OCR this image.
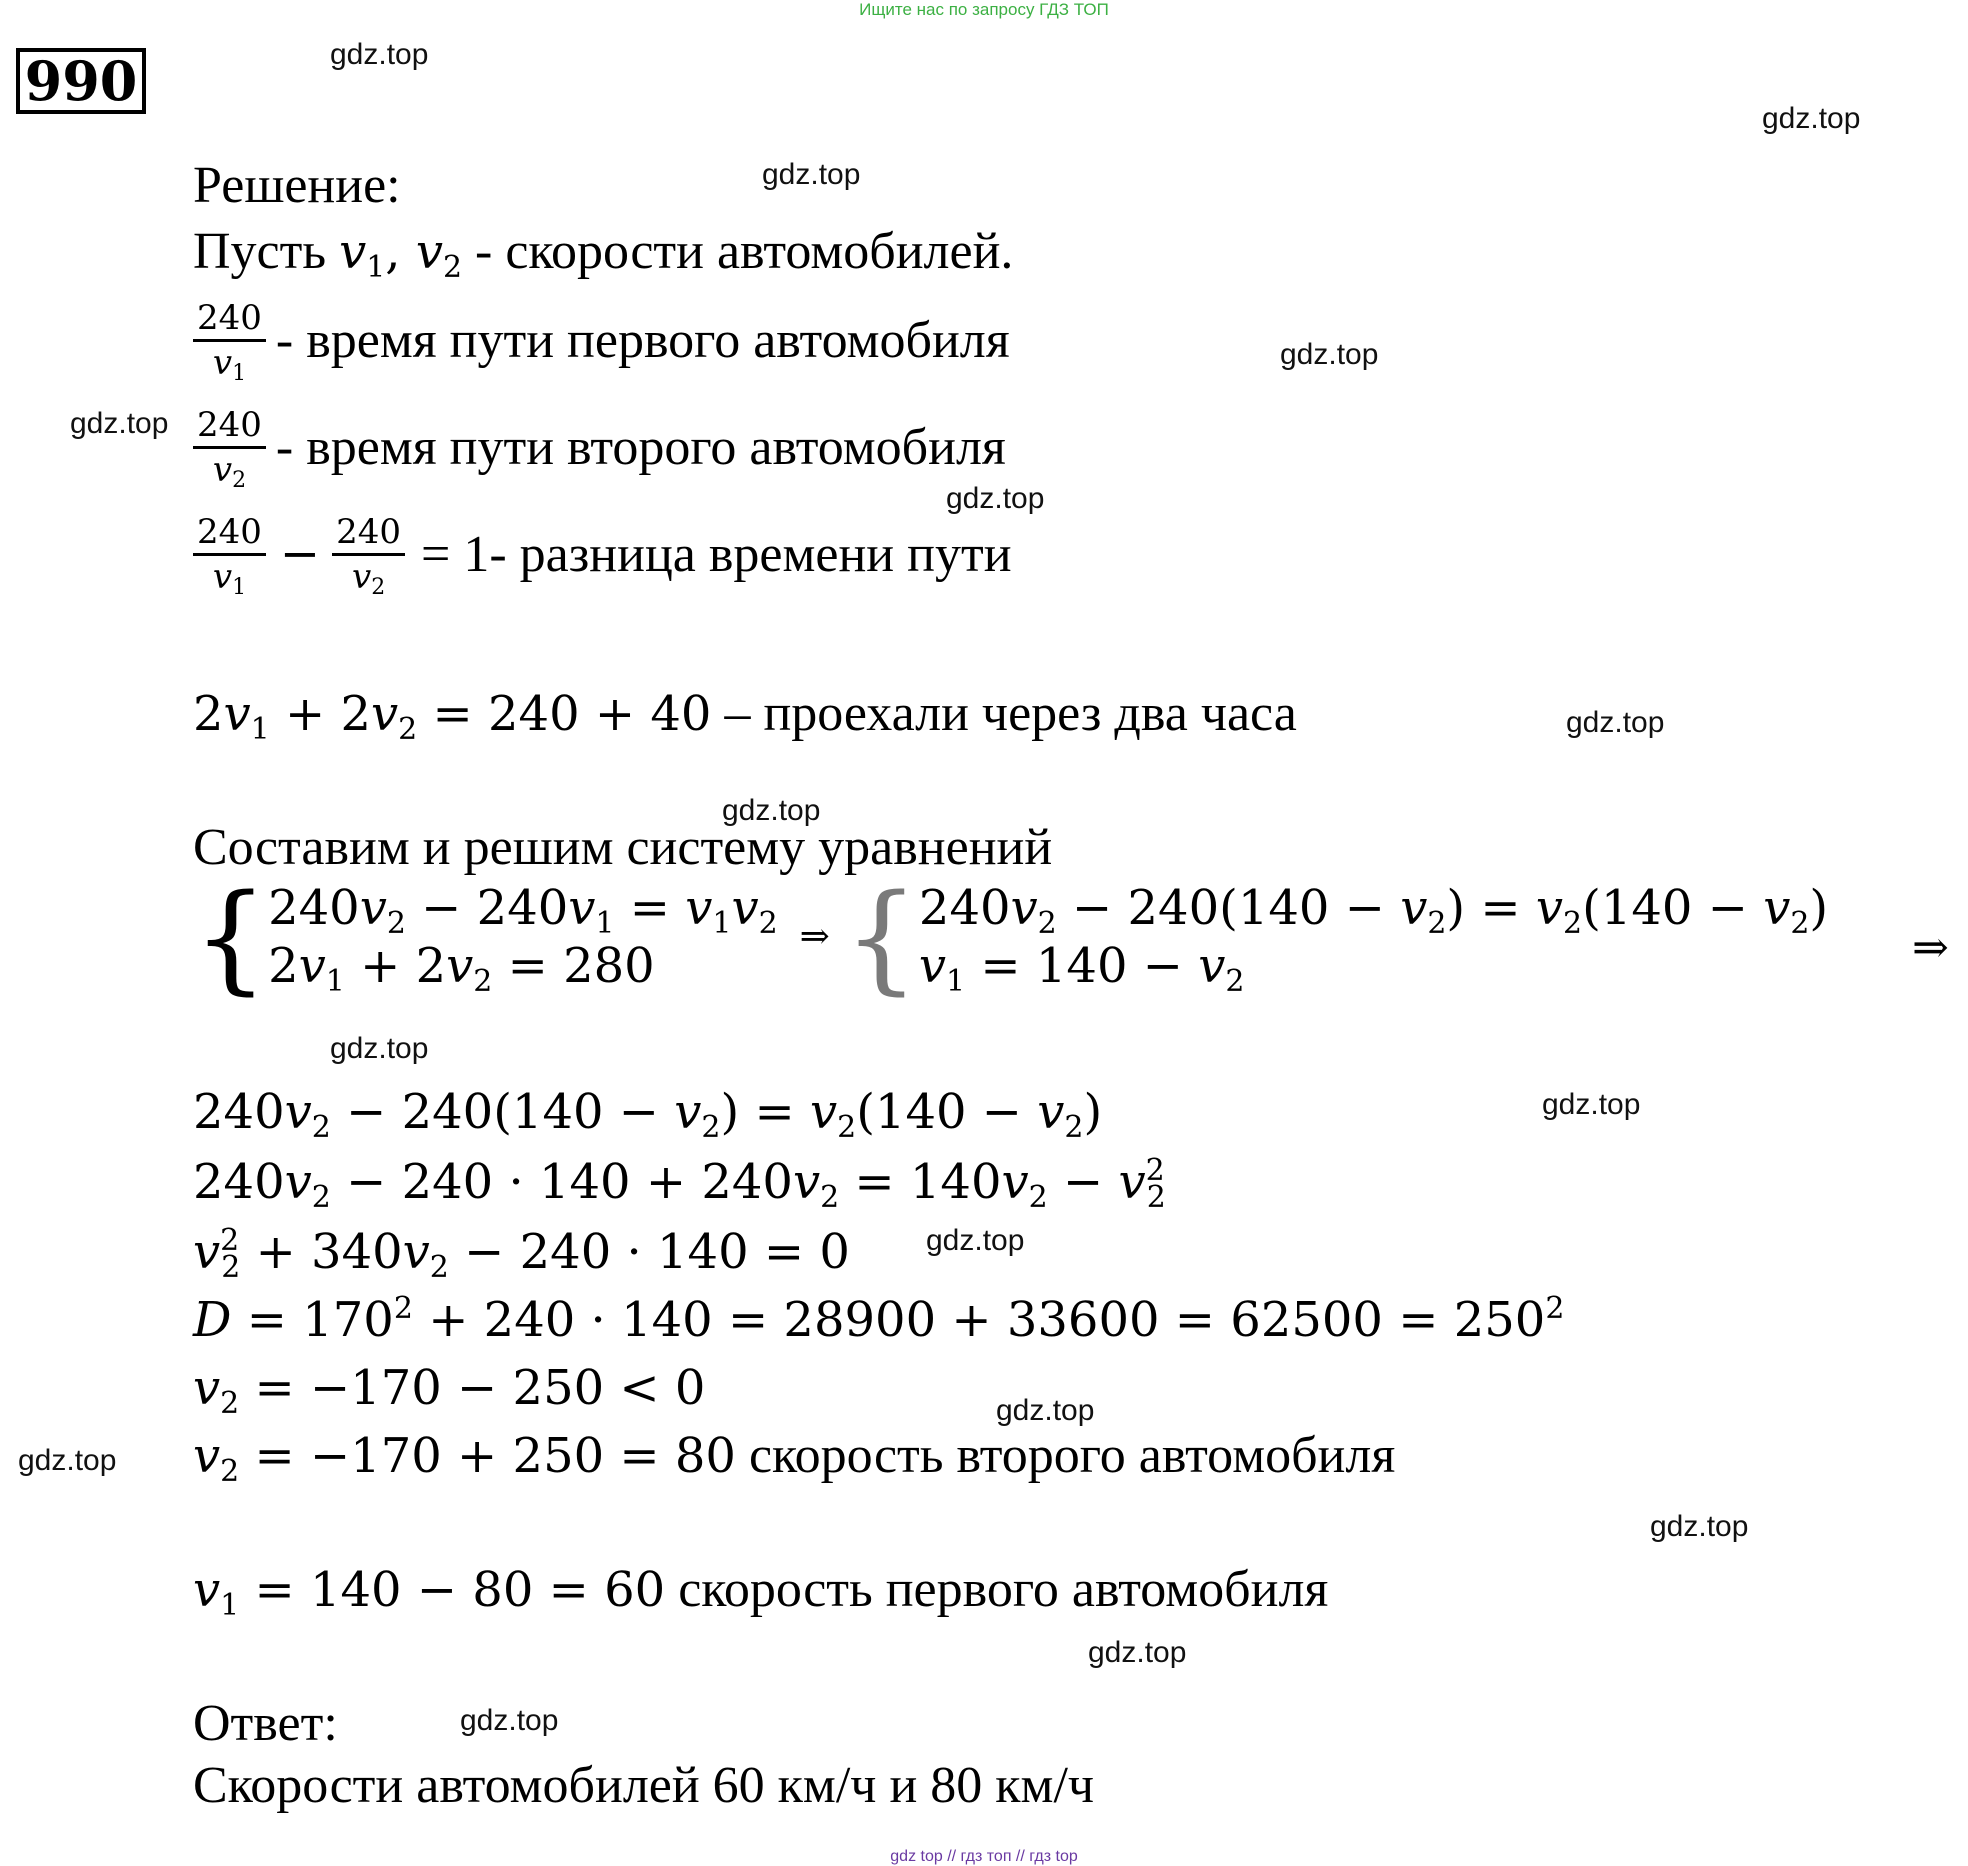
Ищите нас по запросу ГДЗ ТОП
990	gdz.top
gdz.top
gdz.top
gdz.top
gdz.top
gdz.top
gdz.top
gdz.top
gdz.top
gdz.top
gdz.top
gdz.top
gdz.top
gdz.top
gdz.top
gdz.top
Решение:
Пусть $v_1$, $v_2$ - скорости автомобилей.
$\frac{240}{v_1}$ - время пути первого автомобиля
$\frac{240}{v_2}$ - время пути второго автомобиля
$\frac{240}{v_1} - \frac{240}{v_2} = 1-$ разница времени пути
$2v_1 + 2v_2 = 240 + 40$ – проехали через два часа
Составим и решим систему уравнений
{ $240v_2 - 240v_1 = v_1v_2$
$2v_1 + 2v_2 = 280$
⇒ { $240v_2 - 240(140 - v_2) = v_2(140 - v_2)$
$v_1 = 140 - v_2$
⇒
$240v_2 - 240(140 - v_2) = v_2(140 - v_2)$
$240v_2 - 240 \cdot 140 + 240v_2 = 140v_2 - v^2_2$
$v^2_2 + 340v_2 - 240 \cdot 140 = 0$
$D = 170^2 + 240 \cdot 140 = 28900 + 33600 = 62500 = 250^2$
$v_2 = -170 - 250 < 0$
$v_2 = -170 + 250 = 80$ скорость второго автомобиля
$v_1 = 140 - 80 = 60$ скорость первого автомобиля
Ответ:
Скорости автомобилей 60 км/ч и 80 км/ч
gdz top // гдз топ // гдз top
